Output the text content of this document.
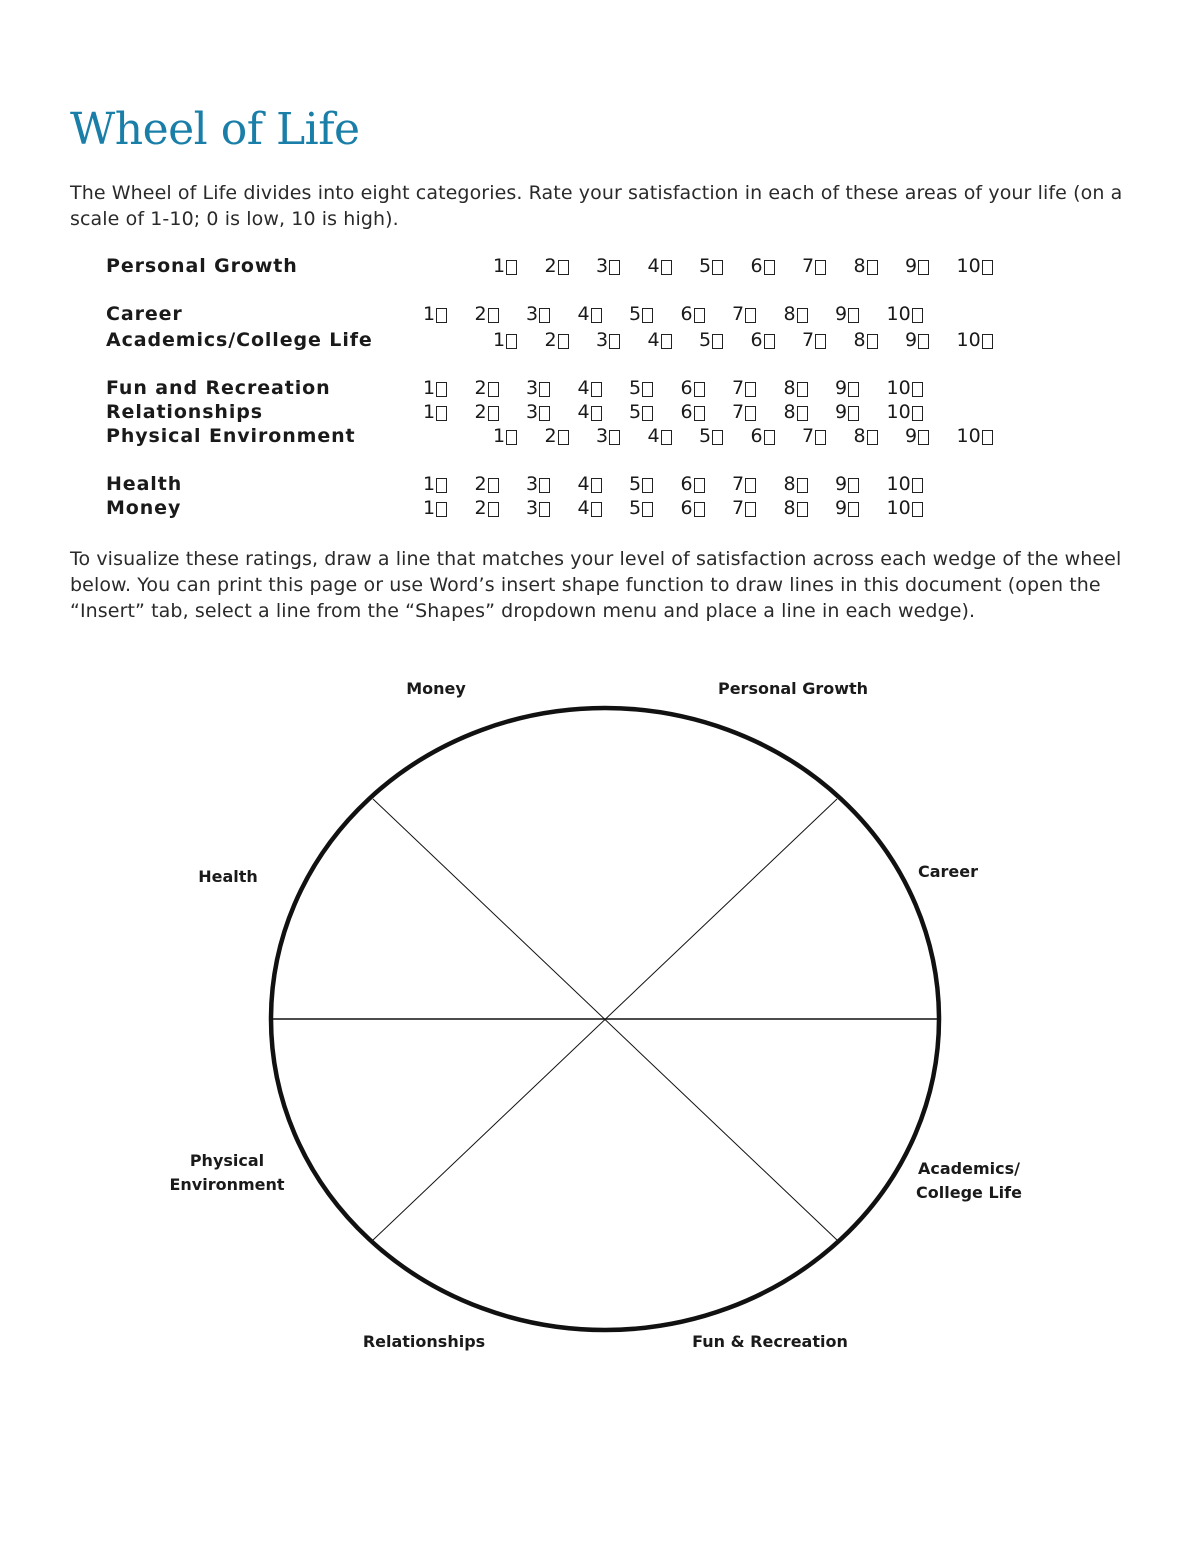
Wheel of Life

The Wheel of Life divides into eight categories. Rate your satisfaction in each of these areas of your life (on a scale of 1-10; 0 is low, 10 is high).

Personal Growth	1 2 3 4 5 6 7 8 9 10
Career	1 2 3 4 5 6 7 8 9 10
Academics/College Life	1 2 3 4 5 6 7 8 9 10
Fun and Recreation	1 2 3 4 5 6 7 8 9 10
Relationships	1 2 3 4 5 6 7 8 9 10
Physical Environment	1 2 3 4 5 6 7 8 9 10
Health	1 2 3 4 5 6 7 8 9 10
Money	1 2 3 4 5 6 7 8 9 10

To visualize these ratings, draw a line that matches your level of satisfaction across each wedge of the wheel below. You can print this page or use Word’s insert shape function to draw lines in this document (open the “Insert” tab, select a line from the “Shapes” dropdown menu and place a line in each wedge).

Money	Personal Growth
Career
Health
Physical
Environment
Academics/
College Life
Relationships	Fun & Recreation
